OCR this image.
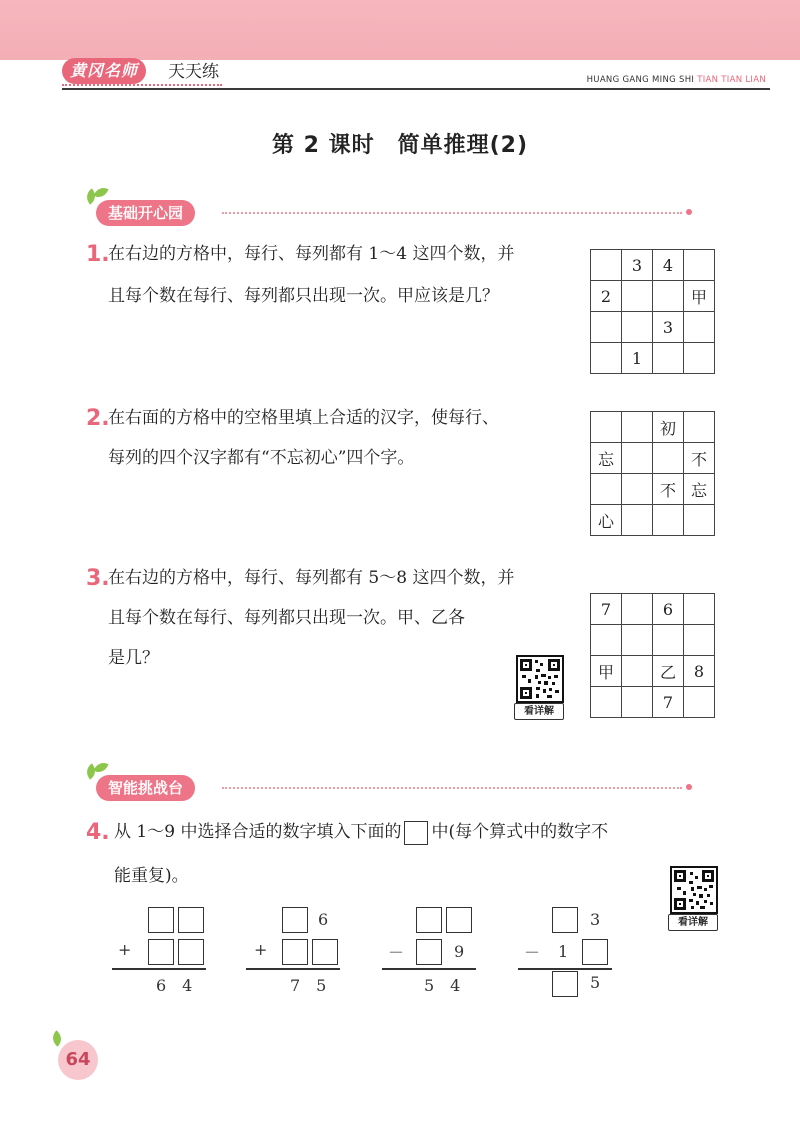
黄冈名师	天天练	HUANG GANG MING SHI TIAN TIAN LIAN
第 2 课时　简单推理(2)
基础开心园
1.
在右边的方格中，每行、每列都有 1～4 这四个数，并
且每个数在每行、每列都只出现一次。甲应该是几？
	3	4	
2			甲
		3	
	1		
2.
在右面的方格中的空格里填上合适的汉字，使每行、
每列的四个汉字都有“不忘初心”四个字。
		初	
忘			不
		不	忘
心			
3.
在右边的方格中，每行、每列都有 5～8 这四个数，并
且每个数在每行、每列都只出现一次。甲、乙各
是几？
看详解
7		6	

甲		乙	8
		7	
智能挑战台
4. 从 1～9 中选择合适的数字填入下面的 中(每个算式中的数字不
能重复)。
看详解
+
6　4
6
+
7　5
－	9
5　4
3
－ 1
5
64
